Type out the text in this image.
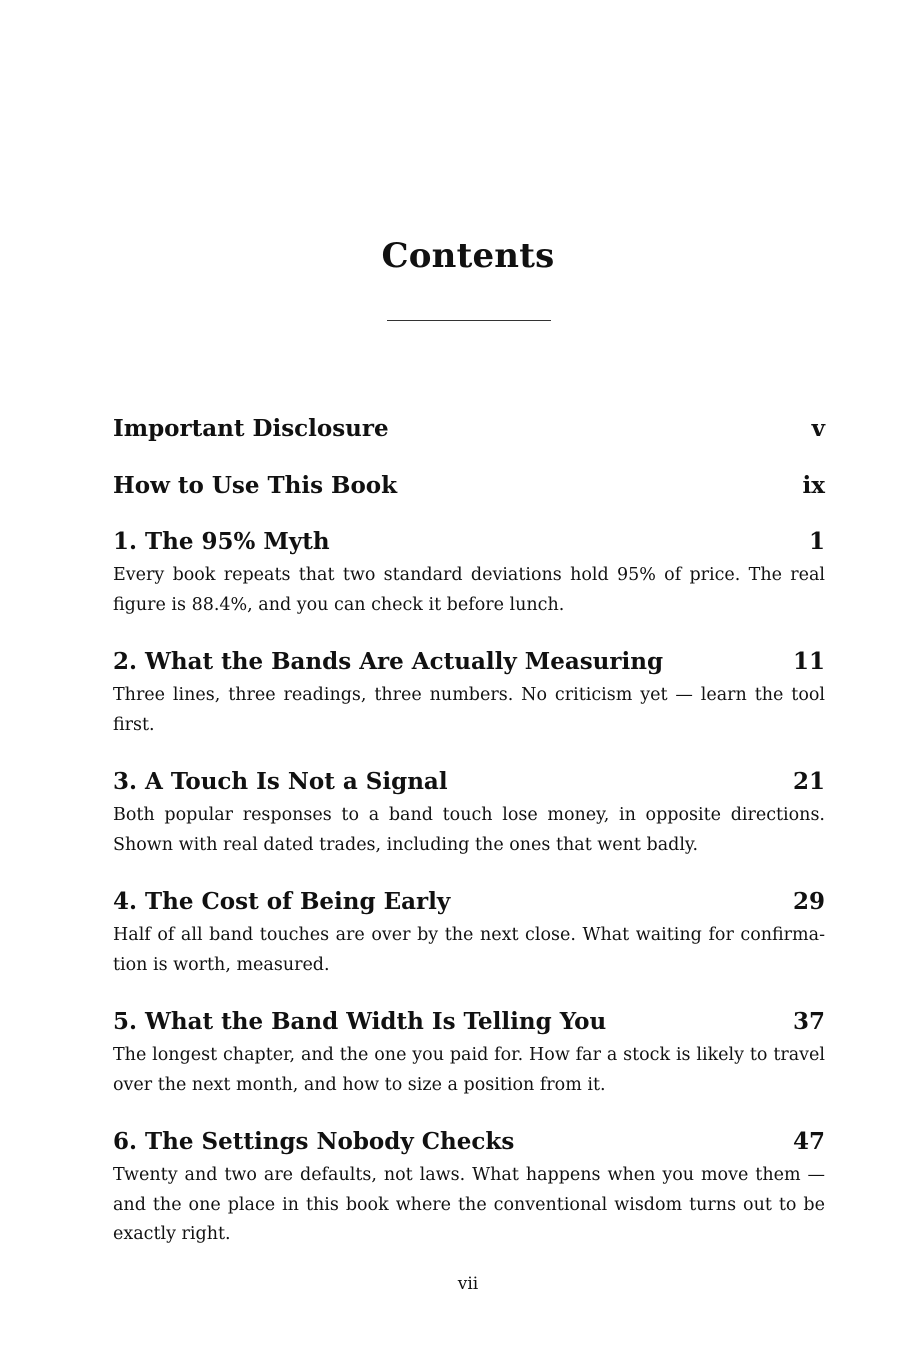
Contents
Important Disclosure	v
How to Use This Book	ix
1. The 95% Myth	1
Every book repeats that two standard deviations hold 95% of price. The real figure is 88.4%, and you can check it before lunch.
2. What the Bands Are Actually Measuring	11
Three lines, three readings, three numbers. No criticism yet — learn the tool first.
3. A Touch Is Not a Signal	21
Both popular responses to a band touch lose money, in opposite directions. Shown with real dated trades, including the ones that went badly.
4. The Cost of Being Early	29
Half of all band touches are over by the next close. What waiting for confirmation is worth, measured.
5. What the Band Width Is Telling You	37
The longest chapter, and the one you paid for. How far a stock is likely to travel over the next month, and how to size a position from it.
6. The Settings Nobody Checks	47
Twenty and two are defaults, not laws. What happens when you move them — and the one place in this book where the conventional wisdom turns out to be exactly right.
vii
